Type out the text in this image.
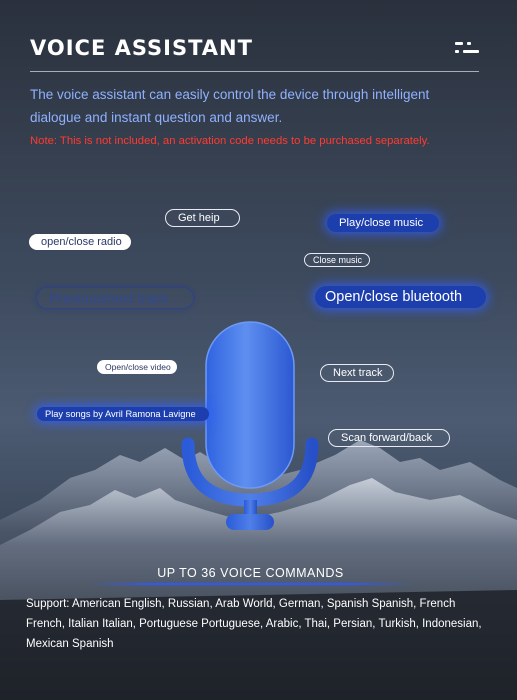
VOICE ASSISTANT
The voice assistant can easily control the device through intelligent dialogue and instant question and answer.
Note: This is not included, an activation code needs to be purchased separately.
Get heip	Play/close music
open/close radio
Close music
Previous/next track	Open/close bluetooth
Open/close video	Next track
Play songs by Avril Ramona Lavigne
Scan forward/back
UP TO 36 VOICE COMMANDS
Support: American English, Russian, Arab World, German, Spanish Spanish, French French, Italian Italian, Portuguese Portuguese, Arabic, Thai, Persian, Turkish, Indonesian, Mexican Spanish
